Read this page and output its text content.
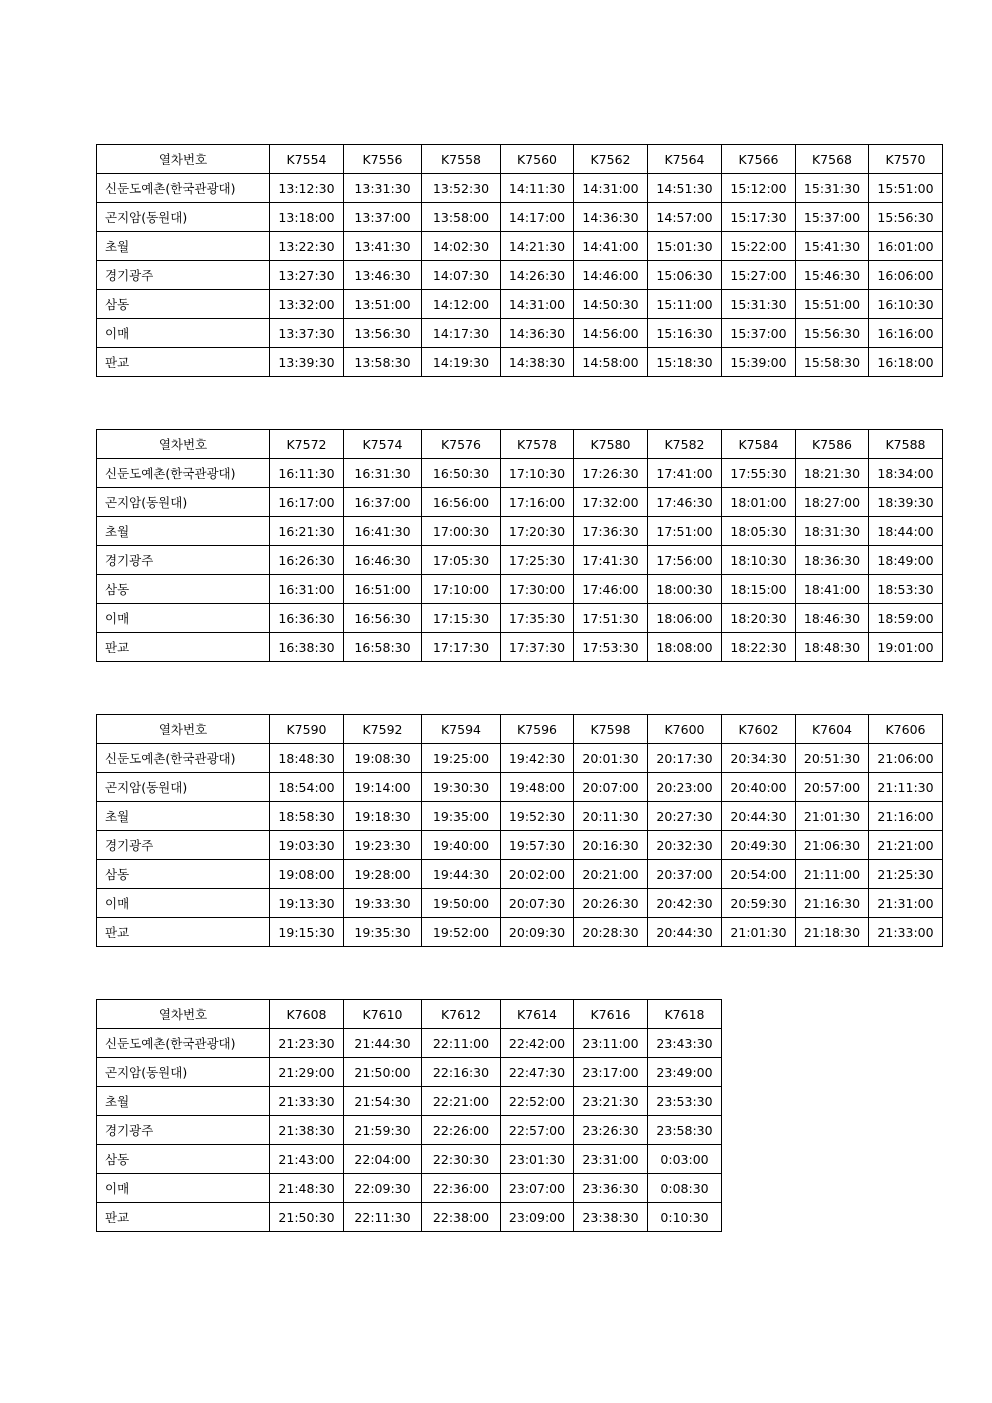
열차번호	K7554	K7556	K7558	K7560	K7562	K7564	K7566	K7568	K7570
신둔도예촌(한국관광대)	13:12:30	13:31:30	13:52:30	14:11:30	14:31:00	14:51:30	15:12:00	15:31:30	15:51:00
곤지암(동원대)	13:18:00	13:37:00	13:58:00	14:17:00	14:36:30	14:57:00	15:17:30	15:37:00	15:56:30
초월	13:22:30	13:41:30	14:02:30	14:21:30	14:41:00	15:01:30	15:22:00	15:41:30	16:01:00
경기광주	13:27:30	13:46:30	14:07:30	14:26:30	14:46:00	15:06:30	15:27:00	15:46:30	16:06:00
삼동	13:32:00	13:51:00	14:12:00	14:31:00	14:50:30	15:11:00	15:31:30	15:51:00	16:10:30
이매	13:37:30	13:56:30	14:17:30	14:36:30	14:56:00	15:16:30	15:37:00	15:56:30	16:16:00
판교	13:39:30	13:58:30	14:19:30	14:38:30	14:58:00	15:18:30	15:39:00	15:58:30	16:18:00
열차번호	K7572	K7574	K7576	K7578	K7580	K7582	K7584	K7586	K7588
신둔도예촌(한국관광대)	16:11:30	16:31:30	16:50:30	17:10:30	17:26:30	17:41:00	17:55:30	18:21:30	18:34:00
곤지암(동원대)	16:17:00	16:37:00	16:56:00	17:16:00	17:32:00	17:46:30	18:01:00	18:27:00	18:39:30
초월	16:21:30	16:41:30	17:00:30	17:20:30	17:36:30	17:51:00	18:05:30	18:31:30	18:44:00
경기광주	16:26:30	16:46:30	17:05:30	17:25:30	17:41:30	17:56:00	18:10:30	18:36:30	18:49:00
삼동	16:31:00	16:51:00	17:10:00	17:30:00	17:46:00	18:00:30	18:15:00	18:41:00	18:53:30
이매	16:36:30	16:56:30	17:15:30	17:35:30	17:51:30	18:06:00	18:20:30	18:46:30	18:59:00
판교	16:38:30	16:58:30	17:17:30	17:37:30	17:53:30	18:08:00	18:22:30	18:48:30	19:01:00
열차번호	K7590	K7592	K7594	K7596	K7598	K7600	K7602	K7604	K7606
신둔도예촌(한국관광대)	18:48:30	19:08:30	19:25:00	19:42:30	20:01:30	20:17:30	20:34:30	20:51:30	21:06:00
곤지암(동원대)	18:54:00	19:14:00	19:30:30	19:48:00	20:07:00	20:23:00	20:40:00	20:57:00	21:11:30
초월	18:58:30	19:18:30	19:35:00	19:52:30	20:11:30	20:27:30	20:44:30	21:01:30	21:16:00
경기광주	19:03:30	19:23:30	19:40:00	19:57:30	20:16:30	20:32:30	20:49:30	21:06:30	21:21:00
삼동	19:08:00	19:28:00	19:44:30	20:02:00	20:21:00	20:37:00	20:54:00	21:11:00	21:25:30
이매	19:13:30	19:33:30	19:50:00	20:07:30	20:26:30	20:42:30	20:59:30	21:16:30	21:31:00
판교	19:15:30	19:35:30	19:52:00	20:09:30	20:28:30	20:44:30	21:01:30	21:18:30	21:33:00
열차번호	K7608	K7610	K7612	K7614	K7616	K7618
신둔도예촌(한국관광대)	21:23:30	21:44:30	22:11:00	22:42:00	23:11:00	23:43:30
곤지암(동원대)	21:29:00	21:50:00	22:16:30	22:47:30	23:17:00	23:49:00
초월	21:33:30	21:54:30	22:21:00	22:52:00	23:21:30	23:53:30
경기광주	21:38:30	21:59:30	22:26:00	22:57:00	23:26:30	23:58:30
삼동	21:43:00	22:04:00	22:30:30	23:01:30	23:31:00	0:03:00
이매	21:48:30	22:09:30	22:36:00	23:07:00	23:36:30	0:08:30
판교	21:50:30	22:11:30	22:38:00	23:09:00	23:38:30	0:10:30
